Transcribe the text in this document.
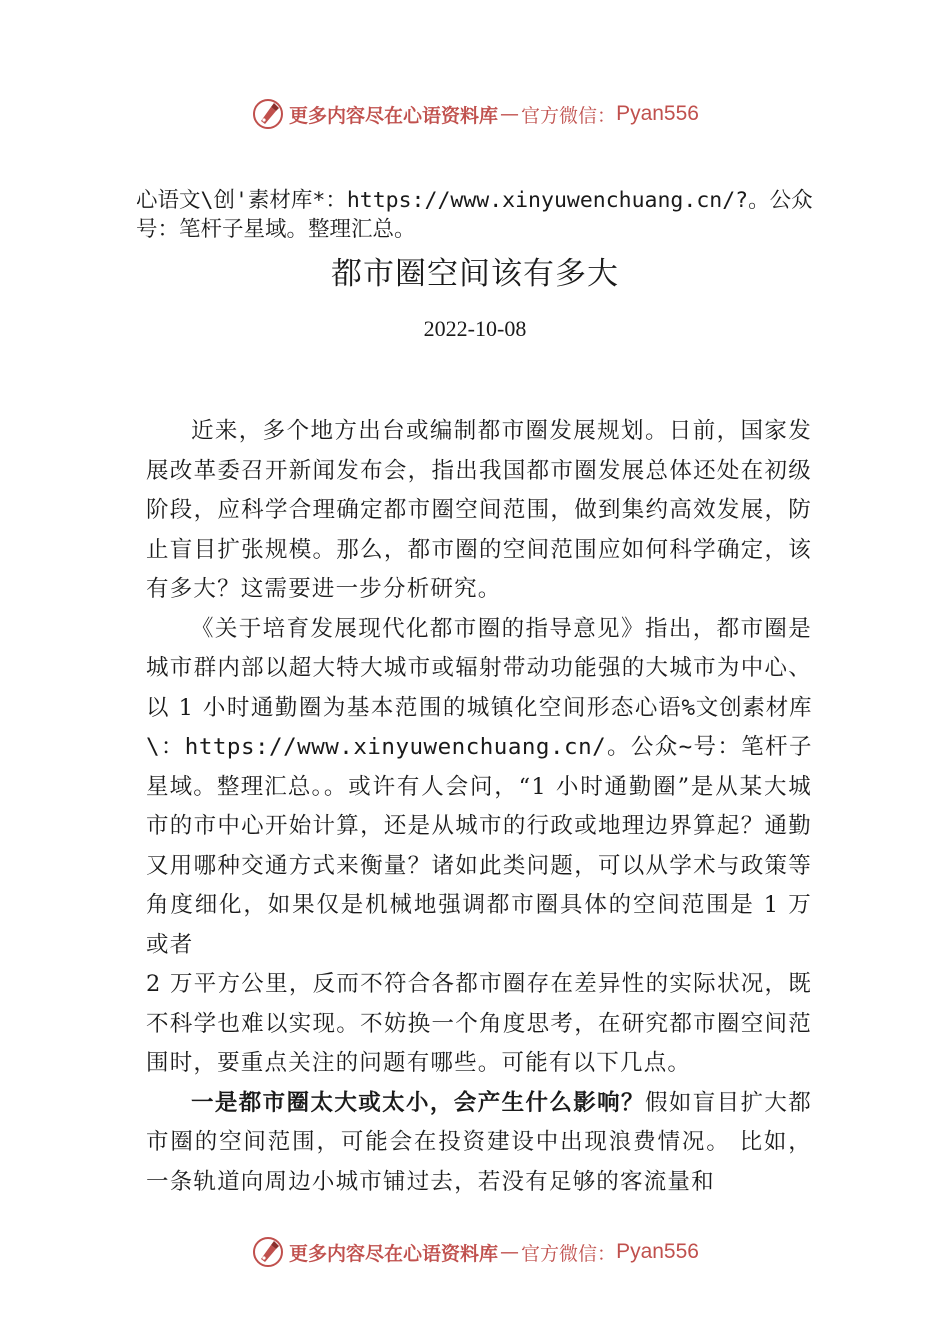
更多内容尽在心语资料库 — 官方微信： Pyan556
心语文\创'素材库*：https://www.xinyuwenchuang.cn/?。公众号：笔杆子星域。整理汇总。
都市圈空间该有多大
2022-10-08

近来，多个地方出台或编制都市圈发展规划。日前，国家发展改革委召开新闻发布会，指出我国都市圈发展总体还处在初级阶段，应科学合理确定都市圈空间范围，做到集约高效发展，防止盲目扩张规模。那么，都市圈的空间范围应如何科学确定，该有多大？这需要进一步分析研究。

《关于培育发展现代化都市圈的指导意见》指出，都市圈是城市群内部以超大特大城市或辐射带动功能强的大城市为中心、以 1 小时通勤圈为基本范围的城镇化空间形态心语%文创素材库\：https://www.xinyuwenchuang.cn/。公众~号：笔杆子星域。整理汇总。。或许有人会问，“1 小时通勤圈”是从某大城市的市中心开始计算，还是从城市的行政或地理边界算起？通勤又用哪种交通方式来衡量？诸如此类问题，可以从学术与政策等角度细化，如果仅是机械地强调都市圈具体的空间范围是 1 万或者

2 万平方公里，反而不符合各都市圈存在差异性的实际状况，既不科学也难以实现。不妨换一个角度思考，在研究都市圈空间范围时，要重点关注的问题有哪些。可能有以下几点。

一是都市圈太大或太小，会产生什么影响？假如盲目扩大都市圈的空间范围，可能会在投资建设中出现浪费情况。 比如，一条轨道向周边小城市铺过去，若没有足够的客流量和

更多内容尽在心语资料库 — 官方微信： Pyan556
